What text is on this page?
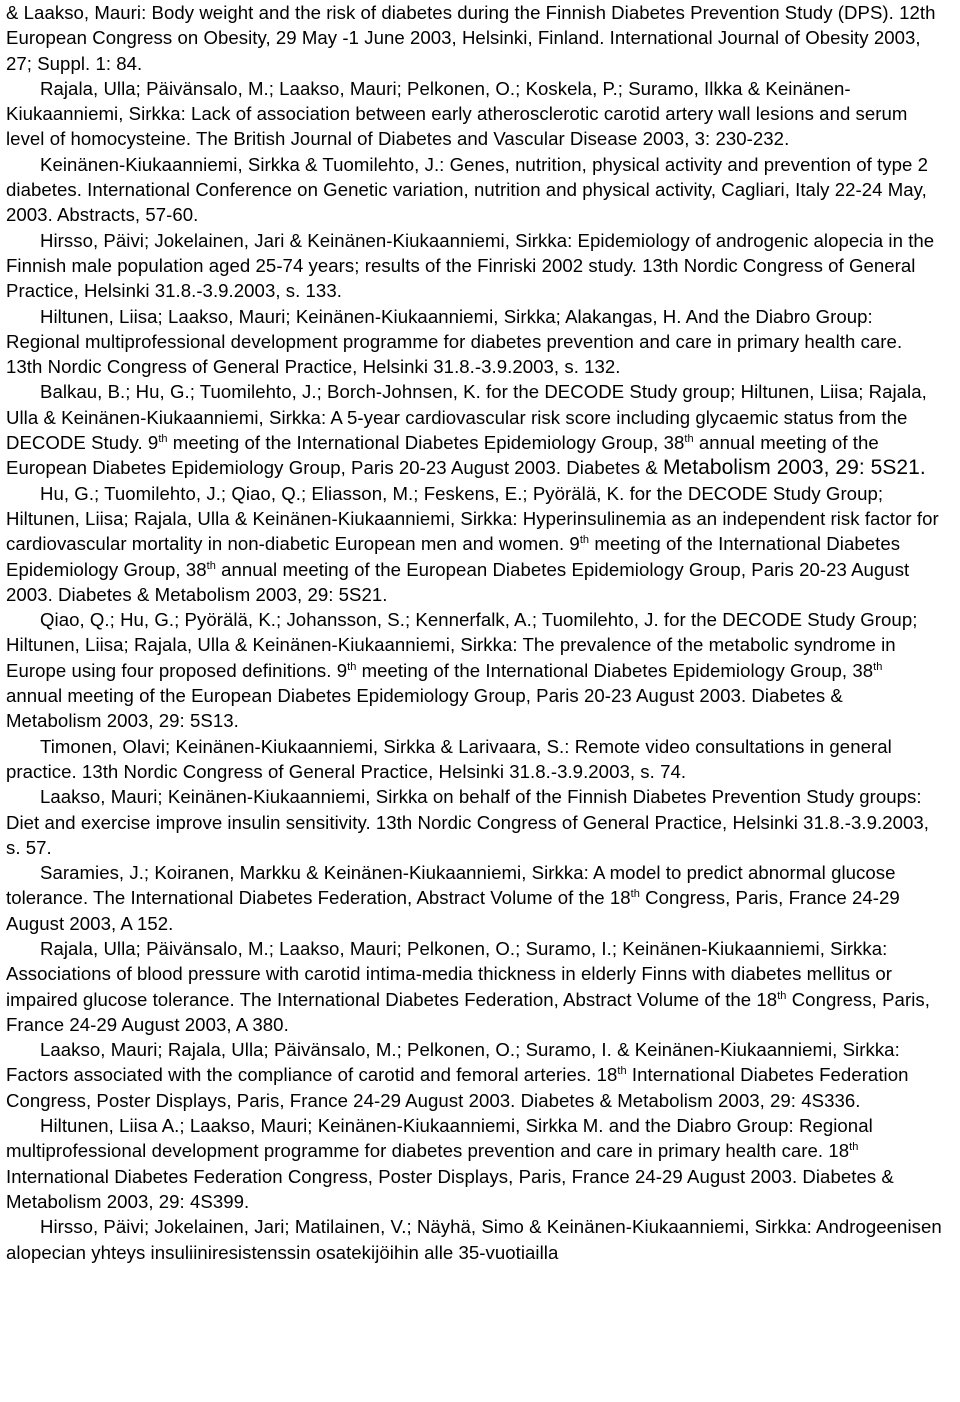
& Laakso, Mauri: Body weight and the risk of diabetes during the Finnish Diabetes Prevention Study (DPS). 12th European Congress on Obesity, 29 May -1 June 2003, Helsinki, Finland. International Journal of Obesity 2003, 27; Suppl. 1: 84.

Rajala, Ulla; Päivänsalo, M.; Laakso, Mauri; Pelkonen, O.; Koskela, P.; Suramo, Ilkka & Keinänen-Kiukaanniemi, Sirkka: Lack of association between early atherosclerotic carotid artery wall lesions and serum level of homocysteine. The British Journal of Diabetes and Vascular Disease 2003, 3: 230-232.

Keinänen-Kiukaanniemi, Sirkka & Tuomilehto, J.: Genes, nutrition, physical activity and prevention of type 2 diabetes. International Conference on Genetic variation, nutrition and physical activity, Cagliari, Italy 22-24 May, 2003. Abstracts, 57-60.

Hirsso, Päivi; Jokelainen, Jari & Keinänen-Kiukaanniemi, Sirkka: Epidemiology of androgenic alopecia in the Finnish male population aged 25-74 years; results of the Finriski 2002 study. 13th Nordic Congress of General Practice, Helsinki 31.8.-3.9.2003, s. 133.

Hiltunen, Liisa; Laakso, Mauri; Keinänen-Kiukaanniemi, Sirkka; Alakangas, H. And the Diabro Group: Regional multiprofessional development programme for diabetes prevention and care in primary health care. 13th Nordic Congress of General Practice, Helsinki 31.8.-3.9.2003, s. 132.

Balkau, B.; Hu, G.; Tuomilehto, J.; Borch-Johnsen, K. for the DECODE Study group; Hiltunen, Liisa; Rajala, Ulla & Keinänen-Kiukaanniemi, Sirkka: A 5-year cardiovascular risk score including glycaemic status from the DECODE Study. 9th meeting of the International Diabetes Epidemiology Group, 38th annual meeting of the European Diabetes Epidemiology Group, Paris 20-23 August 2003. Diabetes & Metabolism 2003, 29: 5S21.

Hu, G.; Tuomilehto, J.; Qiao, Q.; Eliasson, M.; Feskens, E.; Pyörälä, K. for the DECODE Study Group; Hiltunen, Liisa; Rajala, Ulla & Keinänen-Kiukaanniemi, Sirkka: Hyperinsulinemia as an independent risk factor for cardiovascular mortality in non-diabetic European men and women. 9th meeting of the International Diabetes Epidemiology Group, 38th annual meeting of the European Diabetes Epidemiology Group, Paris 20-23 August 2003. Diabetes & Metabolism 2003, 29: 5S21.

Qiao, Q.; Hu, G.; Pyörälä, K.; Johansson, S.; Kennerfalk, A.; Tuomilehto, J. for the DECODE Study Group; Hiltunen, Liisa; Rajala, Ulla & Keinänen-Kiukaanniemi, Sirkka: The prevalence of the metabolic syndrome in Europe using four proposed definitions. 9th meeting of the International Diabetes Epidemiology Group, 38th annual meeting of the European Diabetes Epidemiology Group, Paris 20-23 August 2003. Diabetes & Metabolism 2003, 29: 5S13.

Timonen, Olavi; Keinänen-Kiukaanniemi, Sirkka & Larivaara, S.: Remote video consultations in general practice. 13th Nordic Congress of General Practice, Helsinki 31.8.-3.9.2003, s. 74.

Laakso, Mauri; Keinänen-Kiukaanniemi, Sirkka on behalf of the Finnish Diabetes Prevention Study groups: Diet and exercise improve insulin sensitivity. 13th Nordic Congress of General Practice, Helsinki 31.8.-3.9.2003, s. 57.

Saramies, J.; Koiranen, Markku & Keinänen-Kiukaanniemi, Sirkka: A model to predict abnormal glucose tolerance. The International Diabetes Federation, Abstract Volume of the 18th Congress, Paris, France 24-29 August 2003, A 152.

Rajala, Ulla; Päivänsalo, M.; Laakso, Mauri; Pelkonen, O.; Suramo, I.; Keinänen-Kiukaanniemi, Sirkka: Associations of blood pressure with carotid intima-media thickness in elderly Finns with diabetes mellitus or impaired glucose tolerance. The International Diabetes Federation, Abstract Volume of the 18th Congress, Paris, France 24-29 August 2003, A 380.

Laakso, Mauri; Rajala, Ulla; Päivänsalo, M.; Pelkonen, O.; Suramo, I. & Keinänen-Kiukaanniemi, Sirkka: Factors associated with the compliance of carotid and femoral arteries. 18th International Diabetes Federation Congress, Poster Displays, Paris, France 24-29 August 2003. Diabetes & Metabolism 2003, 29: 4S336.

Hiltunen, Liisa A.; Laakso, Mauri; Keinänen-Kiukaanniemi, Sirkka M. and the Diabro Group: Regional multiprofessional development programme for diabetes prevention and care in primary health care. 18th International Diabetes Federation Congress, Poster Displays, Paris, France 24-29 August 2003. Diabetes & Metabolism 2003, 29: 4S399.

Hirsso, Päivi; Jokelainen, Jari; Matilainen, V.; Näyhä, Simo & Keinänen-Kiukaanniemi, Sirkka: Androgeenisen alopecian yhteys insuliiniresistenssin osatekijöihin alle 35-vuotiailla
